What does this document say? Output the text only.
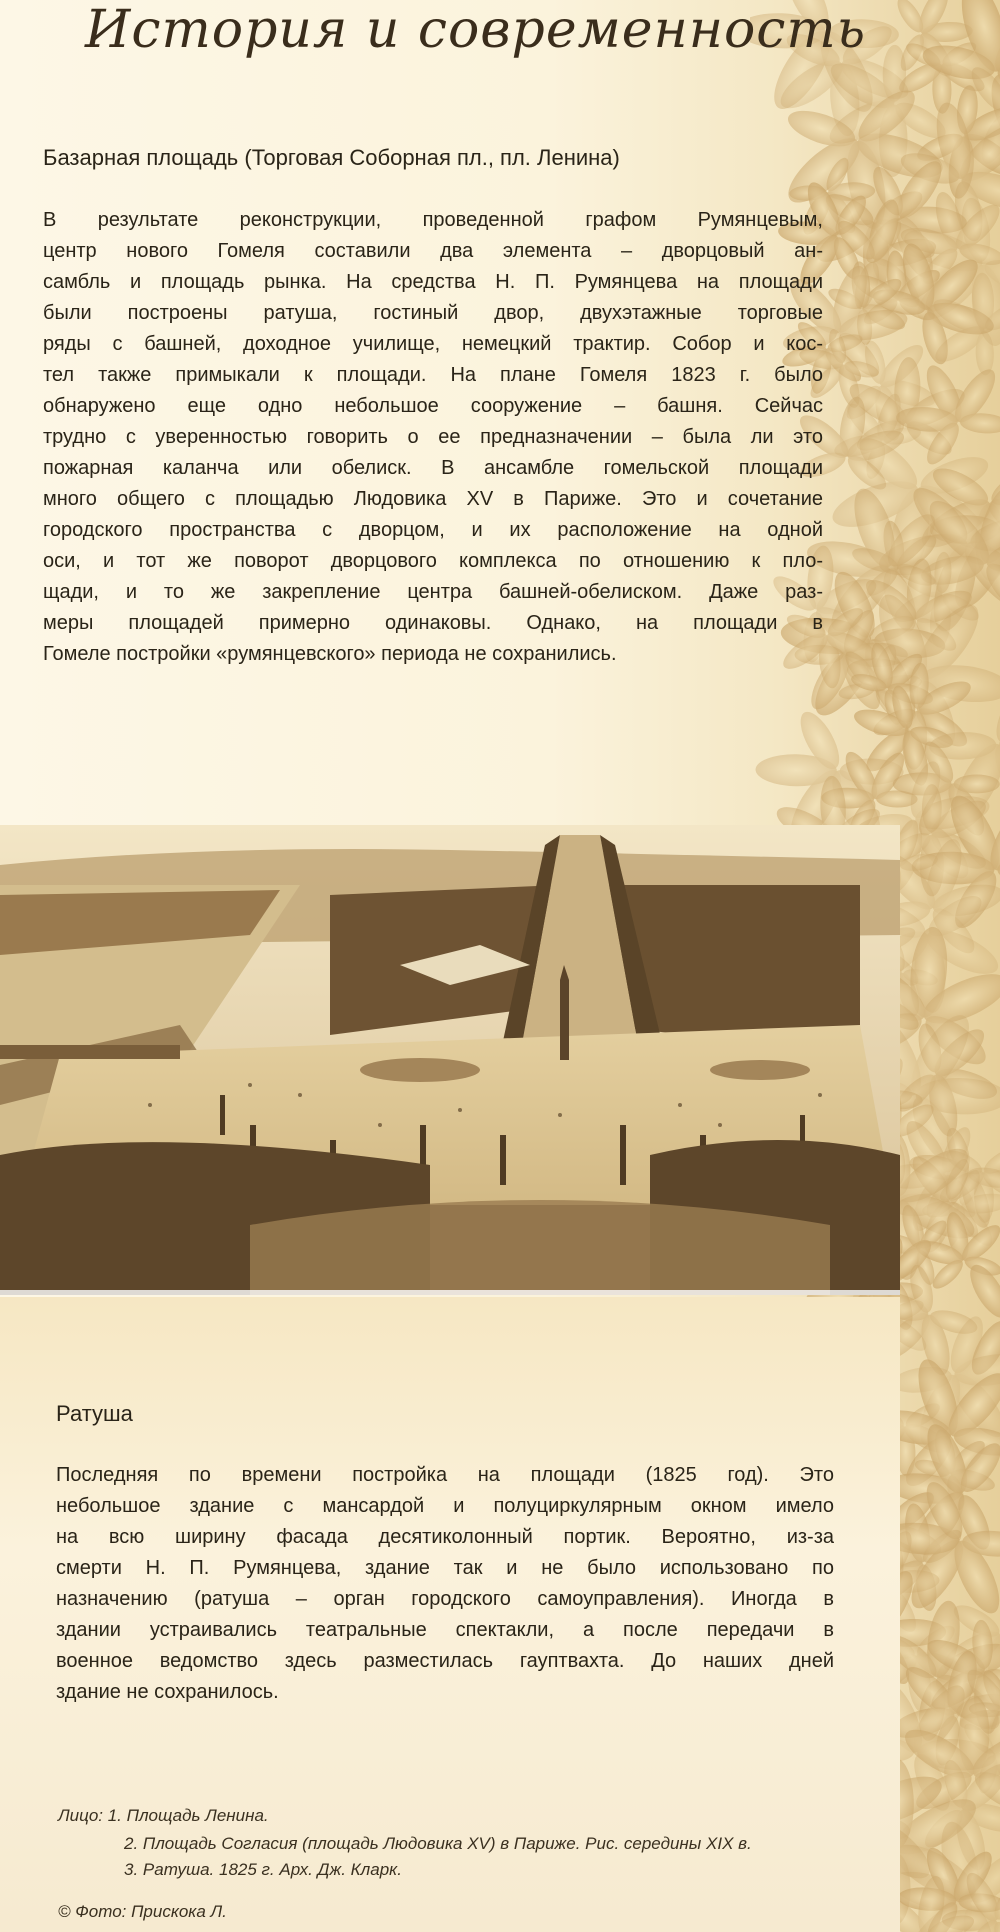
История и современность
Базарная площадь (Торговая Соборная пл., пл. Ленина)
В результате реконструкции, проведенной графом Румянцевым,
центр нового Гомеля составили два элемента – дворцовый ан-
самбль и площадь рынка. На средства Н. П. Румянцева на площади
были построены ратуша, гостиный двор, двухэтажные торговые
ряды с башней, доходное училище, немецкий трактир. Собор и кос-
тел также примыкали к площади. На плане Гомеля 1823 г. было
обнаружено еще одно небольшое сооружение – башня. Сейчас
трудно с уверенностью говорить о ее предназначении – была ли это
пожарная каланча или обелиск. В ансамбле гомельской площади
много общего с площадью Людовика XV в Париже. Это и сочетание
городского пространства с дворцом, и их расположение на одной
оси, и тот же поворот дворцового комплекса по отношению к пло-
щади, и то же закрепление центра башней-обелиском. Даже раз-
меры площадей примерно одинаковы. Однако, на площади в
Гомеле постройки «румянцевского» периода не сохранились.
Ратуша
Последняя по времени постройка на площади (1825 год). Это
небольшое здание с мансардой и полуциркулярным окном имело
на всю ширину фасада десятиколонный портик. Вероятно, из-за
смерти Н. П. Румянцева, здание так и не было использовано по
назначению (ратуша – орган городского самоуправления). Иногда в
здании устраивались театральные спектакли, а после передачи в
военное ведомство здесь разместилась гауптвахта. До наших дней
здание не сохранилось.
Лицо: 1. Площадь Ленина.
2. Площадь Согласия (площадь Людовика XV) в Париже. Рис. середины XIX в.
3. Ратуша. 1825 г. Арх. Дж. Кларк.
© Фото: Прискока Л.
